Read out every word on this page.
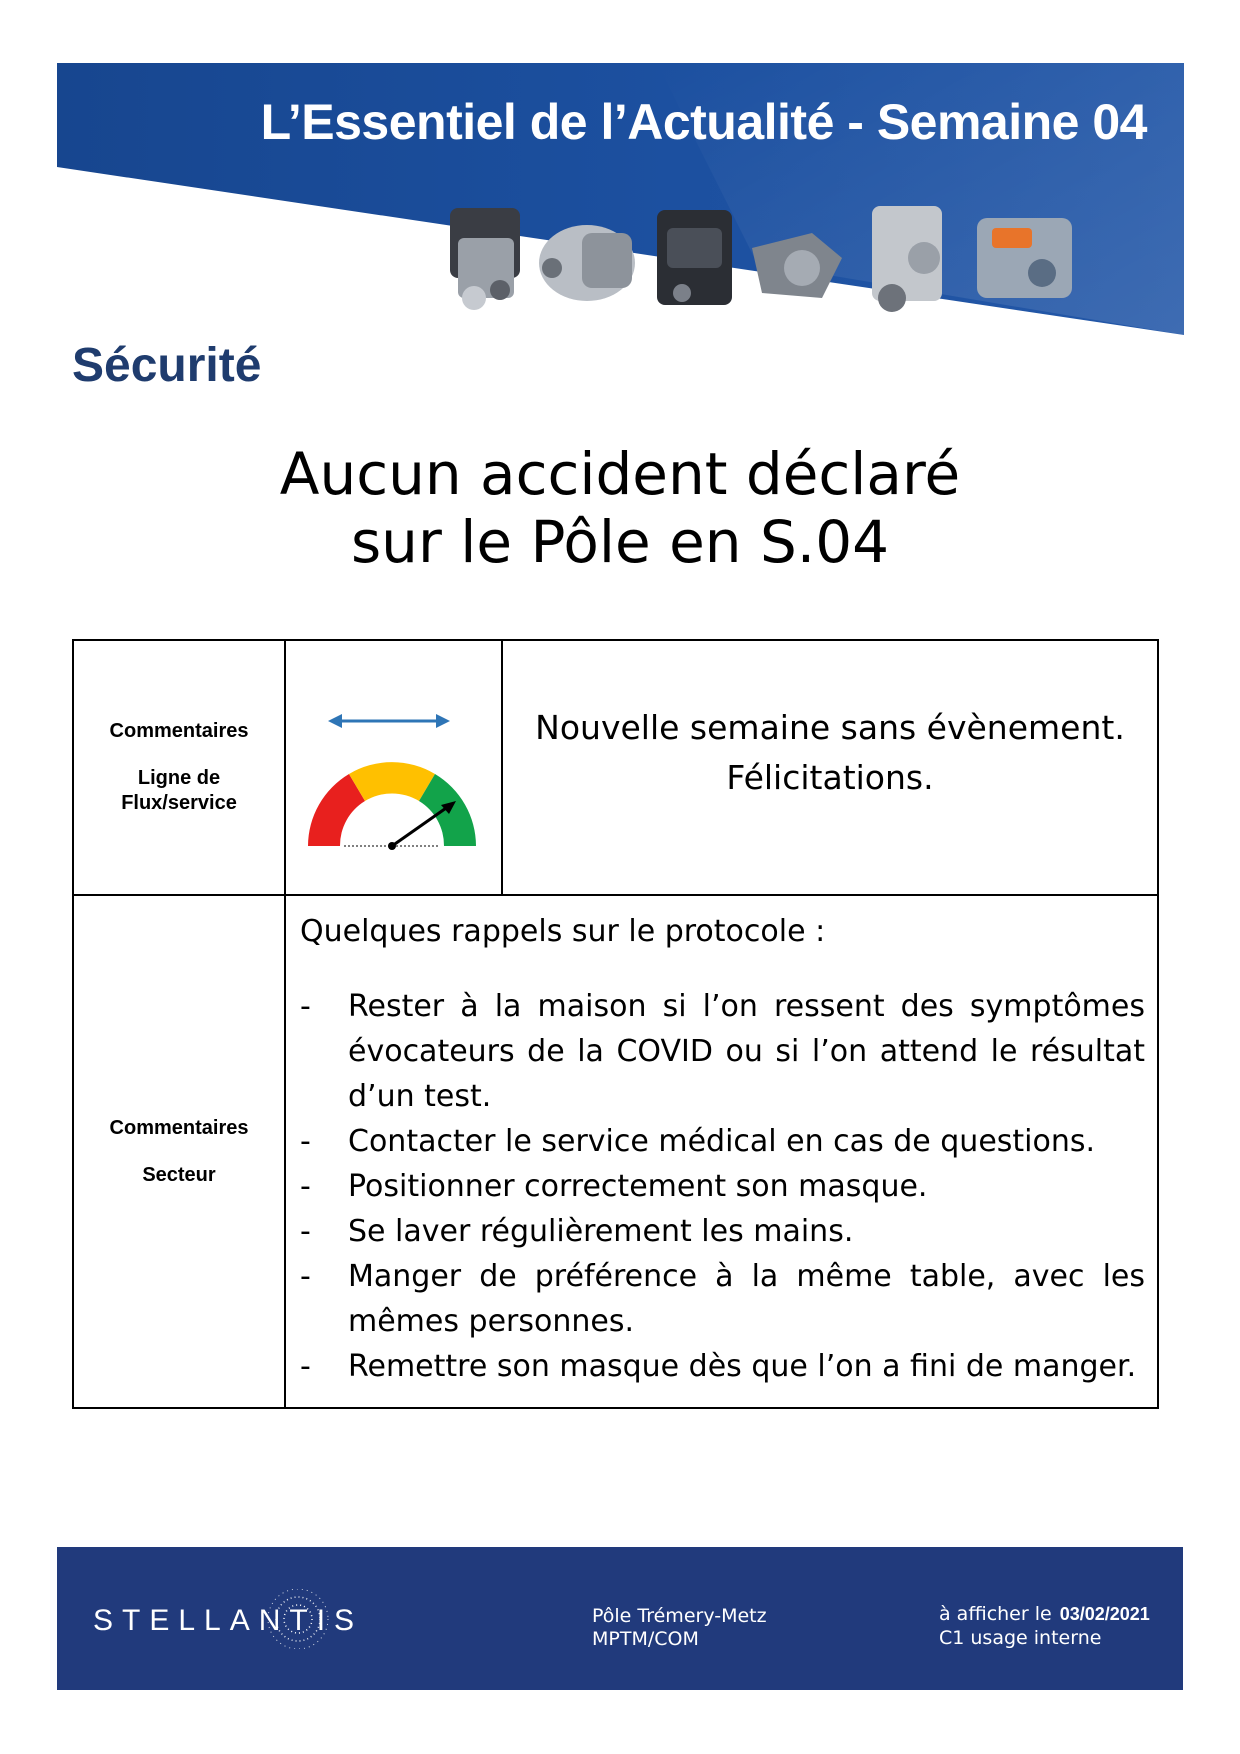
L’Essentiel de l’Actualité - Semaine 04
Sécurité
Aucun accident déclaré
sur le Pôle en S.04
Commentaires
Ligne de
Flux/service
Nouvelle semaine sans évènement.
Félicitations.
Commentaires
Secteur
Quelques rappels sur le protocole :
- Rester à la maison si l’on ressent des symptômes évocateurs de la COVID ou si l’on attend le résultat d’un test.
- Contacter le service médical en cas de questions.
- Positionner correctement son masque.
- Se laver régulièrement les mains.
- Manger de préférence à la même table, avec les mêmes personnes.
- Remettre son masque dès que l’on a fini de manger.
STELLANTIS	Pôle Trémery-Metz
MPTM/COM
à afficher le 03/02/2021
C1 usage interne
